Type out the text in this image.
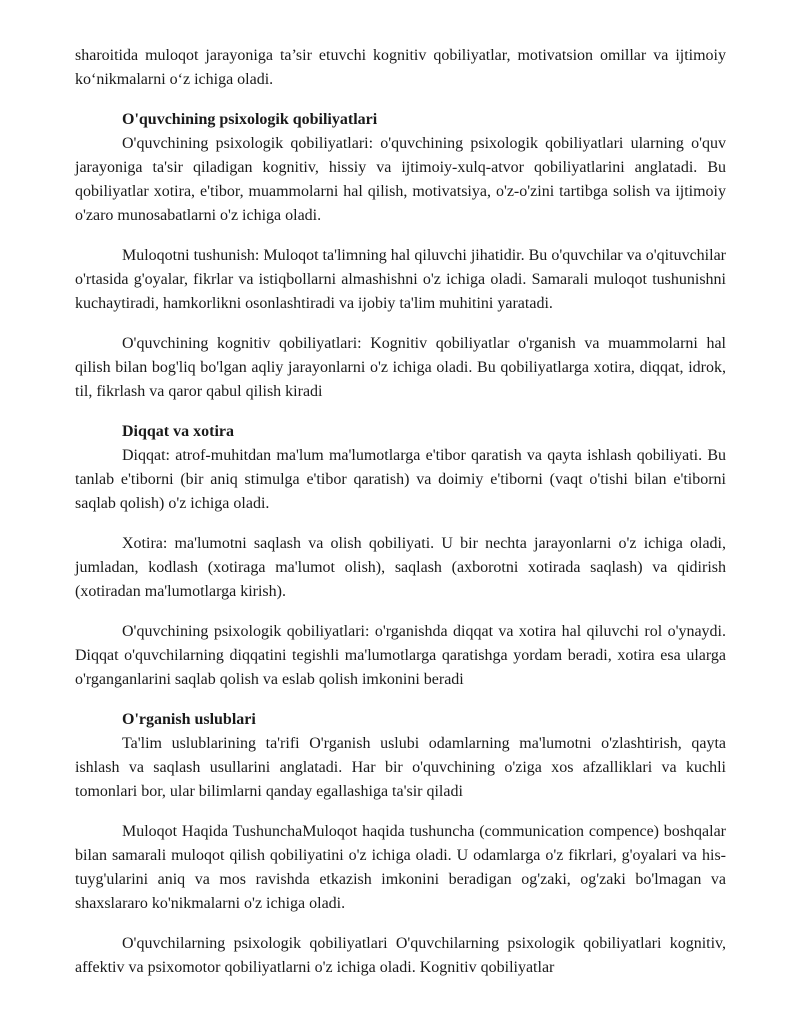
sharoitida muloqot jarayoniga ta’sir etuvchi kognitiv qobiliyatlar, motivatsion omillar va ijtimoiy koʻnikmalarni oʻz ichiga oladi.

O'quvchining psixologik qobiliyatlari

O'quvchining psixologik qobiliyatlari: o'quvchining psixologik qobiliyatlari ularning o'quv jarayoniga ta'sir qiladigan kognitiv, hissiy va ijtimoiy-xulq-atvor qobiliyatlarini anglatadi. Bu qobiliyatlar xotira, e'tibor, muammolarni hal qilish, motivatsiya, o'z-o'zini tartibga solish va ijtimoiy o'zaro munosabatlarni o'z ichiga oladi.

Muloqotni tushunish: Muloqot ta'limning hal qiluvchi jihatidir. Bu o'quvchilar va o'qituvchilar o'rtasida g'oyalar, fikrlar va istiqbollarni almashishni o'z ichiga oladi. Samarali muloqot tushunishni kuchaytiradi, hamkorlikni osonlashtiradi va ijobiy ta'lim muhitini yaratadi.

O'quvchining kognitiv qobiliyatlari: Kognitiv qobiliyatlar o'rganish va muammolarni hal qilish bilan bog'liq bo'lgan aqliy jarayonlarni o'z ichiga oladi. Bu qobiliyatlarga xotira, diqqat, idrok, til, fikrlash va qaror qabul qilish kiradi

Diqqat va xotira

Diqqat: atrof-muhitdan ma'lum ma'lumotlarga e'tibor qaratish va qayta ishlash qobiliyati. Bu tanlab e'tiborni (bir aniq stimulga e'tibor qaratish) va doimiy e'tiborni (vaqt o'tishi bilan e'tiborni saqlab qolish) o'z ichiga oladi.

Xotira: ma'lumotni saqlash va olish qobiliyati. U bir nechta jarayonlarni o'z ichiga oladi, jumladan, kodlash (xotiraga ma'lumot olish), saqlash (axborotni xotirada saqlash) va qidirish (xotiradan ma'lumotlarga kirish).

O'quvchining psixologik qobiliyatlari: o'rganishda diqqat va xotira hal qiluvchi rol o'ynaydi. Diqqat o'quvchilarning diqqatini tegishli ma'lumotlarga qaratishga yordam beradi, xotira esa ularga o'rganganlarini saqlab qolish va eslab qolish imkonini beradi

O'rganish uslublari

Ta'lim uslublarining ta'rifi O'rganish uslubi odamlarning ma'lumotni o'zlashtirish, qayta ishlash va saqlash usullarini anglatadi. Har bir o'quvchining o'ziga xos afzalliklari va kuchli tomonlari bor, ular bilimlarni qanday egallashiga ta'sir qiladi

Muloqot Haqida TushunchaMuloqot haqida tushuncha (communication compence) boshqalar bilan samarali muloqot qilish qobiliyatini o'z ichiga oladi. U odamlarga o'z fikrlari, g'oyalari va his-tuyg'ularini aniq va mos ravishda etkazish imkonini beradigan og'zaki, og'zaki bo'lmagan va shaxslararo ko'nikmalarni o'z ichiga oladi.

O'quvchilarning psixologik qobiliyatlari O'quvchilarning psixologik qobiliyatlari kognitiv, affektiv va psixomotor qobiliyatlarni o'z ichiga oladi. Kognitiv qobiliyatlar
